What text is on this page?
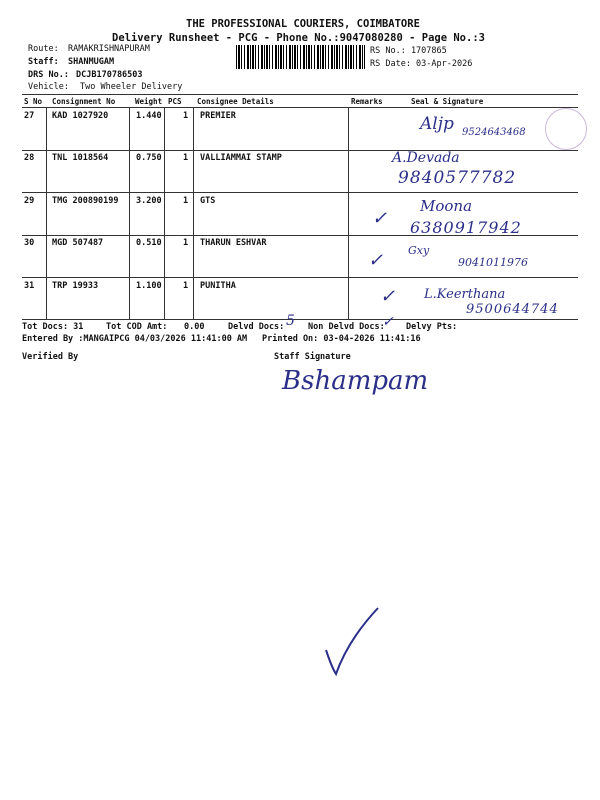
THE PROFESSIONAL COURIERS, COIMBATORE
Delivery Runsheet - PCG - Phone No.:9047080280 - Page No.:3
Route: RAMAKRISHNAPURAM
Staff: SHANMUGAM
DRS No.: DCJB170786503
Vehicle: Two Wheeler Delivery
RS No.: 1707865
RS Date: 03-Apr-2026
S No Consignment No	Weight PCS Consignee Details	Remarks	Seal & Signature
27 KAD 1027920	1.440	1 PREMIER
28 TNL 1018564	0.750	1 VALLIAMMAI STAMP
29 TMG 200890199 3.200	1 GTS
30 MGD 507487	0.510	1 THARUN ESHVAR
31 TRP 19933	1.100	1 PUNITHA
Aljp 9524643468
A.Devada
9840577782
✓
Moona
6380917942
✓ Gxy
9041011976
✓ L.Keerthana
9500644744
Tot Docs: 31	Tot COD Amt: 0.00	Delvd Docs: 5 Non Delvd Docs:
✓ Delvy Pts:
Entered By :MANGAIPCG 04/03/2026 11:41:00 AM Printed On: 03-04-2026 11:41:16
Verified By	Staff Signature
Bshampam
